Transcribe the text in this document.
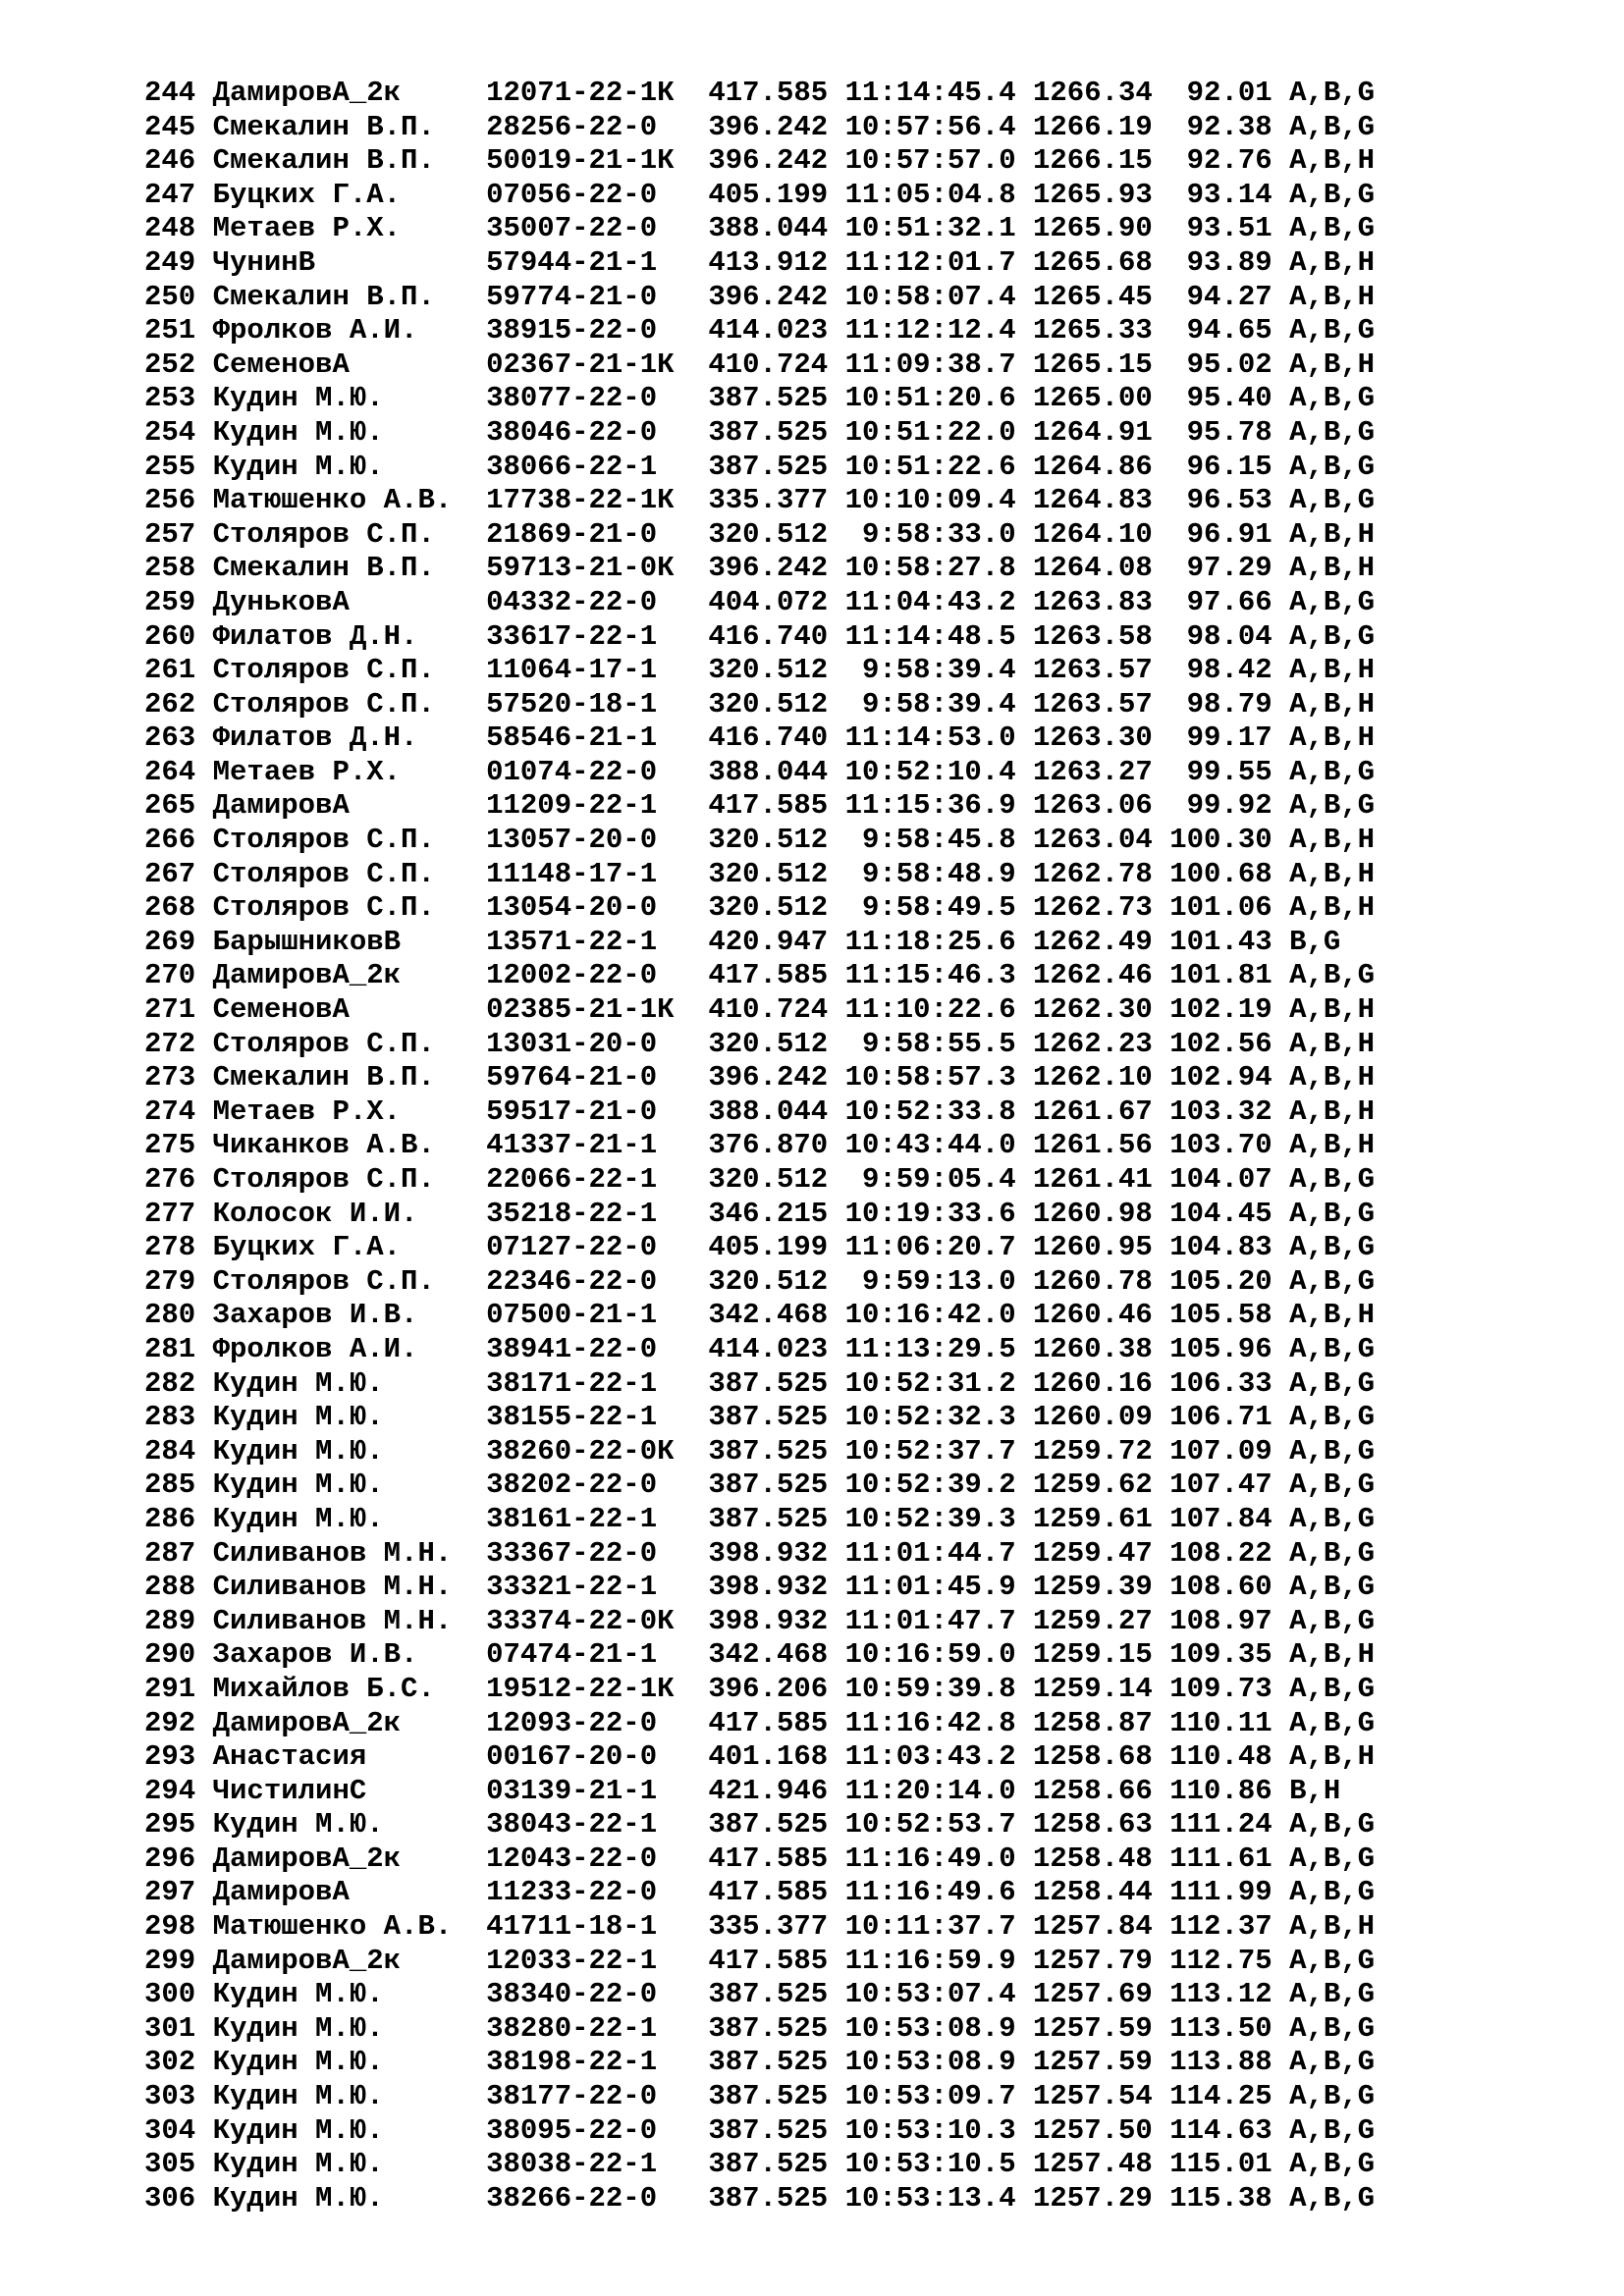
244 ДамировА_2к     12071-22-1К  417.585 11:14:45.4 1266.34  92.01 A,B,G
245 Смекалин В.П.   28256-22-0   396.242 10:57:56.4 1266.19  92.38 A,B,G
246 Смекалин В.П.   50019-21-1К  396.242 10:57:57.0 1266.15  92.76 A,B,H
247 Буцких Г.А.     07056-22-0   405.199 11:05:04.8 1265.93  93.14 A,B,G
248 Метаев Р.Х.     35007-22-0   388.044 10:51:32.1 1265.90  93.51 A,B,G
249 ЧунинВ          57944-21-1   413.912 11:12:01.7 1265.68  93.89 A,B,H
250 Смекалин В.П.   59774-21-0   396.242 10:58:07.4 1265.45  94.27 A,B,H
251 Фролков А.И.    38915-22-0   414.023 11:12:12.4 1265.33  94.65 A,B,G
252 СеменовА        02367-21-1К  410.724 11:09:38.7 1265.15  95.02 A,B,H
253 Кудин М.Ю.      38077-22-0   387.525 10:51:20.6 1265.00  95.40 A,B,G
254 Кудин М.Ю.      38046-22-0   387.525 10:51:22.0 1264.91  95.78 A,B,G
255 Кудин М.Ю.      38066-22-1   387.525 10:51:22.6 1264.86  96.15 A,B,G
256 Матюшенко А.В.  17738-22-1К  335.377 10:10:09.4 1264.83  96.53 A,B,G
257 Столяров С.П.   21869-21-0   320.512  9:58:33.0 1264.10  96.91 A,B,H
258 Смекалин В.П.   59713-21-0К  396.242 10:58:27.8 1264.08  97.29 A,B,H
259 ДуньковА        04332-22-0   404.072 11:04:43.2 1263.83  97.66 A,B,G
260 Филатов Д.Н.    33617-22-1   416.740 11:14:48.5 1263.58  98.04 A,B,G
261 Столяров С.П.   11064-17-1   320.512  9:58:39.4 1263.57  98.42 A,B,H
262 Столяров С.П.   57520-18-1   320.512  9:58:39.4 1263.57  98.79 A,B,H
263 Филатов Д.Н.    58546-21-1   416.740 11:14:53.0 1263.30  99.17 A,B,H
264 Метаев Р.Х.     01074-22-0   388.044 10:52:10.4 1263.27  99.55 A,B,G
265 ДамировА        11209-22-1   417.585 11:15:36.9 1263.06  99.92 A,B,G
266 Столяров С.П.   13057-20-0   320.512  9:58:45.8 1263.04 100.30 A,B,H
267 Столяров С.П.   11148-17-1   320.512  9:58:48.9 1262.78 100.68 A,B,H
268 Столяров С.П.   13054-20-0   320.512  9:58:49.5 1262.73 101.06 A,B,H
269 БарышниковВ     13571-22-1   420.947 11:18:25.6 1262.49 101.43 B,G
270 ДамировА_2к     12002-22-0   417.585 11:15:46.3 1262.46 101.81 A,B,G
271 СеменовА        02385-21-1К  410.724 11:10:22.6 1262.30 102.19 A,B,H
272 Столяров С.П.   13031-20-0   320.512  9:58:55.5 1262.23 102.56 A,B,H
273 Смекалин В.П.   59764-21-0   396.242 10:58:57.3 1262.10 102.94 A,B,H
274 Метаев Р.Х.     59517-21-0   388.044 10:52:33.8 1261.67 103.32 A,B,H
275 Чиканков А.В.   41337-21-1   376.870 10:43:44.0 1261.56 103.70 A,B,H
276 Столяров С.П.   22066-22-1   320.512  9:59:05.4 1261.41 104.07 A,B,G
277 Колосок И.И.    35218-22-1   346.215 10:19:33.6 1260.98 104.45 A,B,G
278 Буцких Г.А.     07127-22-0   405.199 11:06:20.7 1260.95 104.83 A,B,G
279 Столяров С.П.   22346-22-0   320.512  9:59:13.0 1260.78 105.20 A,B,G
280 Захаров И.В.    07500-21-1   342.468 10:16:42.0 1260.46 105.58 A,B,H
281 Фролков А.И.    38941-22-0   414.023 11:13:29.5 1260.38 105.96 A,B,G
282 Кудин М.Ю.      38171-22-1   387.525 10:52:31.2 1260.16 106.33 A,B,G
283 Кудин М.Ю.      38155-22-1   387.525 10:52:32.3 1260.09 106.71 A,B,G
284 Кудин М.Ю.      38260-22-0К  387.525 10:52:37.7 1259.72 107.09 A,B,G
285 Кудин М.Ю.      38202-22-0   387.525 10:52:39.2 1259.62 107.47 A,B,G
286 Кудин М.Ю.      38161-22-1   387.525 10:52:39.3 1259.61 107.84 A,B,G
287 Силиванов М.Н.  33367-22-0   398.932 11:01:44.7 1259.47 108.22 A,B,G
288 Силиванов М.Н.  33321-22-1   398.932 11:01:45.9 1259.39 108.60 A,B,G
289 Силиванов М.Н.  33374-22-0К  398.932 11:01:47.7 1259.27 108.97 A,B,G
290 Захаров И.В.    07474-21-1   342.468 10:16:59.0 1259.15 109.35 A,B,H
291 Михайлов Б.С.   19512-22-1К  396.206 10:59:39.8 1259.14 109.73 A,B,G
292 ДамировА_2к     12093-22-0   417.585 11:16:42.8 1258.87 110.11 A,B,G
293 Анастасия       00167-20-0   401.168 11:03:43.2 1258.68 110.48 A,B,H
294 ЧистилинС       03139-21-1   421.946 11:20:14.0 1258.66 110.86 B,H
295 Кудин М.Ю.      38043-22-1   387.525 10:52:53.7 1258.63 111.24 A,B,G
296 ДамировА_2к     12043-22-0   417.585 11:16:49.0 1258.48 111.61 A,B,G
297 ДамировА        11233-22-0   417.585 11:16:49.6 1258.44 111.99 A,B,G
298 Матюшенко А.В.  41711-18-1   335.377 10:11:37.7 1257.84 112.37 A,B,H
299 ДамировА_2к     12033-22-1   417.585 11:16:59.9 1257.79 112.75 A,B,G
300 Кудин М.Ю.      38340-22-0   387.525 10:53:07.4 1257.69 113.12 A,B,G
301 Кудин М.Ю.      38280-22-1   387.525 10:53:08.9 1257.59 113.50 A,B,G
302 Кудин М.Ю.      38198-22-1   387.525 10:53:08.9 1257.59 113.88 A,B,G
303 Кудин М.Ю.      38177-22-0   387.525 10:53:09.7 1257.54 114.25 A,B,G
304 Кудин М.Ю.      38095-22-0   387.525 10:53:10.3 1257.50 114.63 A,B,G
305 Кудин М.Ю.      38038-22-1   387.525 10:53:10.5 1257.48 115.01 A,B,G
306 Кудин М.Ю.      38266-22-0   387.525 10:53:13.4 1257.29 115.38 A,B,G
